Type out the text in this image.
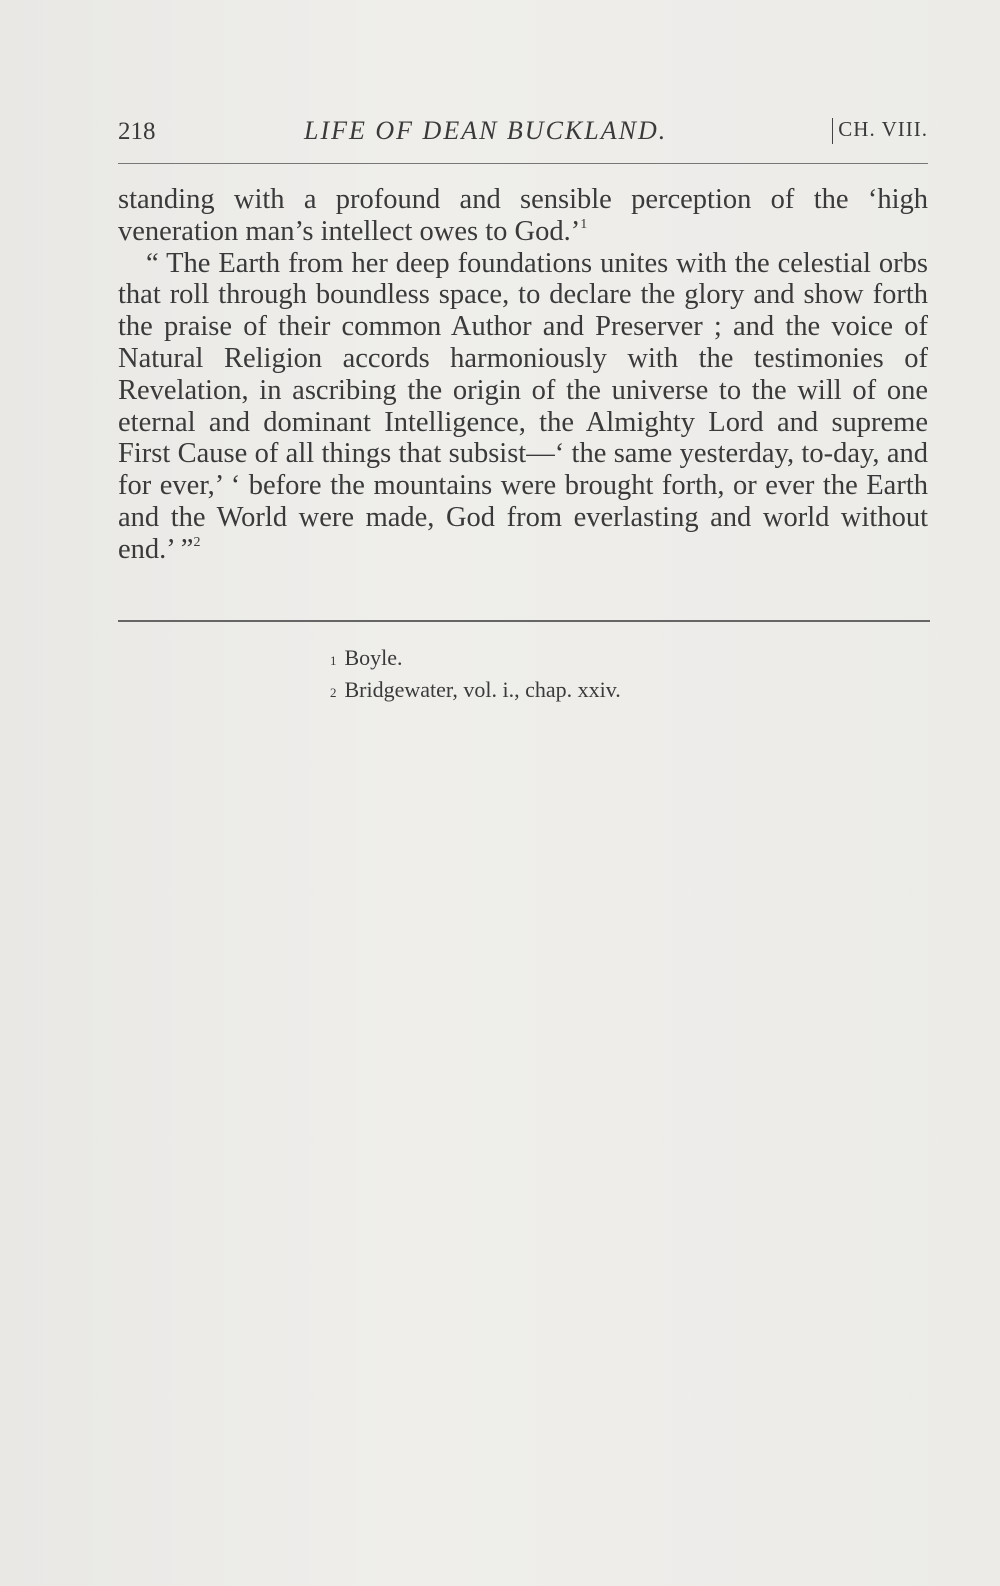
218	LIFE OF DEAN BUCKLAND.	CH. VIII.

standing with a profound and sensible perception of the ‘high veneration man’s intellect owes to God.’$^1$

“ The Earth from her deep foundations unites with the celestial orbs that roll through boundless space, to declare the glory and show forth the praise of their common Author and Preserver ; and the voice of Natural Religion accords harmoniously with the testimonies of Revelation, in ascribing the origin of the universe to the will of one eternal and dominant Intelligence, the Almighty Lord and supreme First Cause of all things that subsist—‘ the same yesterday, to-day, and for ever,’ ‘ before the mountains were brought forth, or ever the Earth and the World were made, God from everlasting and world without end.’ ”$^2$

$^1$ Boyle.
$^2$ Bridgewater, vol. i., chap. xxiv.
